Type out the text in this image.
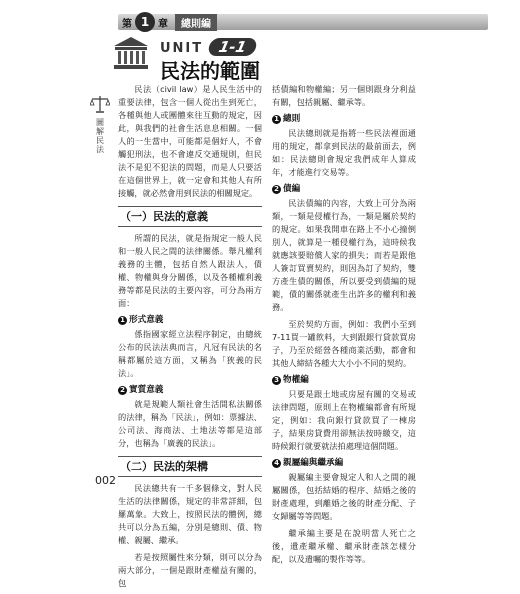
第 1 章	總則編
UNIT 1-1
民法的範圍
圖解民法
002

民法（civil law）是人民生活中的重要法律，包含一個人從出生到死亡，各種與他人或團體來往互動的規定，因此，與我們的社會生活息息相關。一個人的一生當中，可能都是個好人，不會觸犯刑法，也不會違反交通規則，但民法不是犯不犯法的問題，而是人只要活在這個世界上，就一定會和其他人有所接觸，就必然會用到民法的相關規定。

（一）民法的意義

所謂的民法，就是指規定一般人民和一般人民之間的法律關係。舉凡權利義務的主體，包括自然人跟法人，債權、物權與身分關係，以及各種權利義務等都是民法的主要內容，可分為兩方面：

1 形式意義

係指國家經立法程序制定，由總統公布的民法法典而言，凡冠有民法的名稱都屬於這方面，又稱為「狹義的民法」。

2 實質意義

就是規範人類社會生活間私法關係的法律，稱為「民法」，例如：票據法、公司法、海商法、土地法等都是這部分，也稱為「廣義的民法」。

（二）民法的架構

民法總共有一千多個條文，對人民生活的法律關係，規定的非常詳細，包羅萬象。大致上，按照民法的體例，總共可以分為五編，分別是總則、債、物權、親屬、繼承。

若是按照屬性來分類，則可以分為兩大部分，一個是跟財產權益有關的，包

括債編和物權編；另一個則跟身分利益有關，包括親屬、繼承等。

1 總則

民法總則就是指將一些民法裡面通用的規定，都拿到民法的最前面去，例如：民法總則會規定我們成年人算成年，才能進行交易等。

2 債編

民法債編的內容，大致上可分為兩類，一類是侵權行為，一類是屬於契約的規定。如果我開車在路上不小心撞倒別人，就算是一種侵權行為，這時候我就應該要賠償人家的損失；而若是跟他人簽訂買賣契約，則因為訂了契約，雙方產生債的關係，所以要受到債編的規範，債的關係就產生出許多的權利和義務。

至於契約方面，例如：我們小至到7-11買一罐飲料，大到跟銀行貸款買房子，乃至於經營各種商業活動，都會和其他人締結各種大大小小不同的契約。

3 物權編

只要是跟土地或房屋有關的交易或法律問題，原則上在物權編都會有所規定，例如：我向銀行貸款買了一棟房子，結果房貸費用卻無法按時繳交，這時候銀行就要就法拍處理這個問題。

4 親屬編與繼承編

親屬編主要會規定人和人之間的親屬關係，包括結婚的程序、結婚之後的財產處理，到離婚之後的財產分配、子女歸屬等等問題。

繼承編主要是在說明當人死亡之後，遺產繼承權、繼承財產該怎樣分配，以及遺囑的製作等等。
